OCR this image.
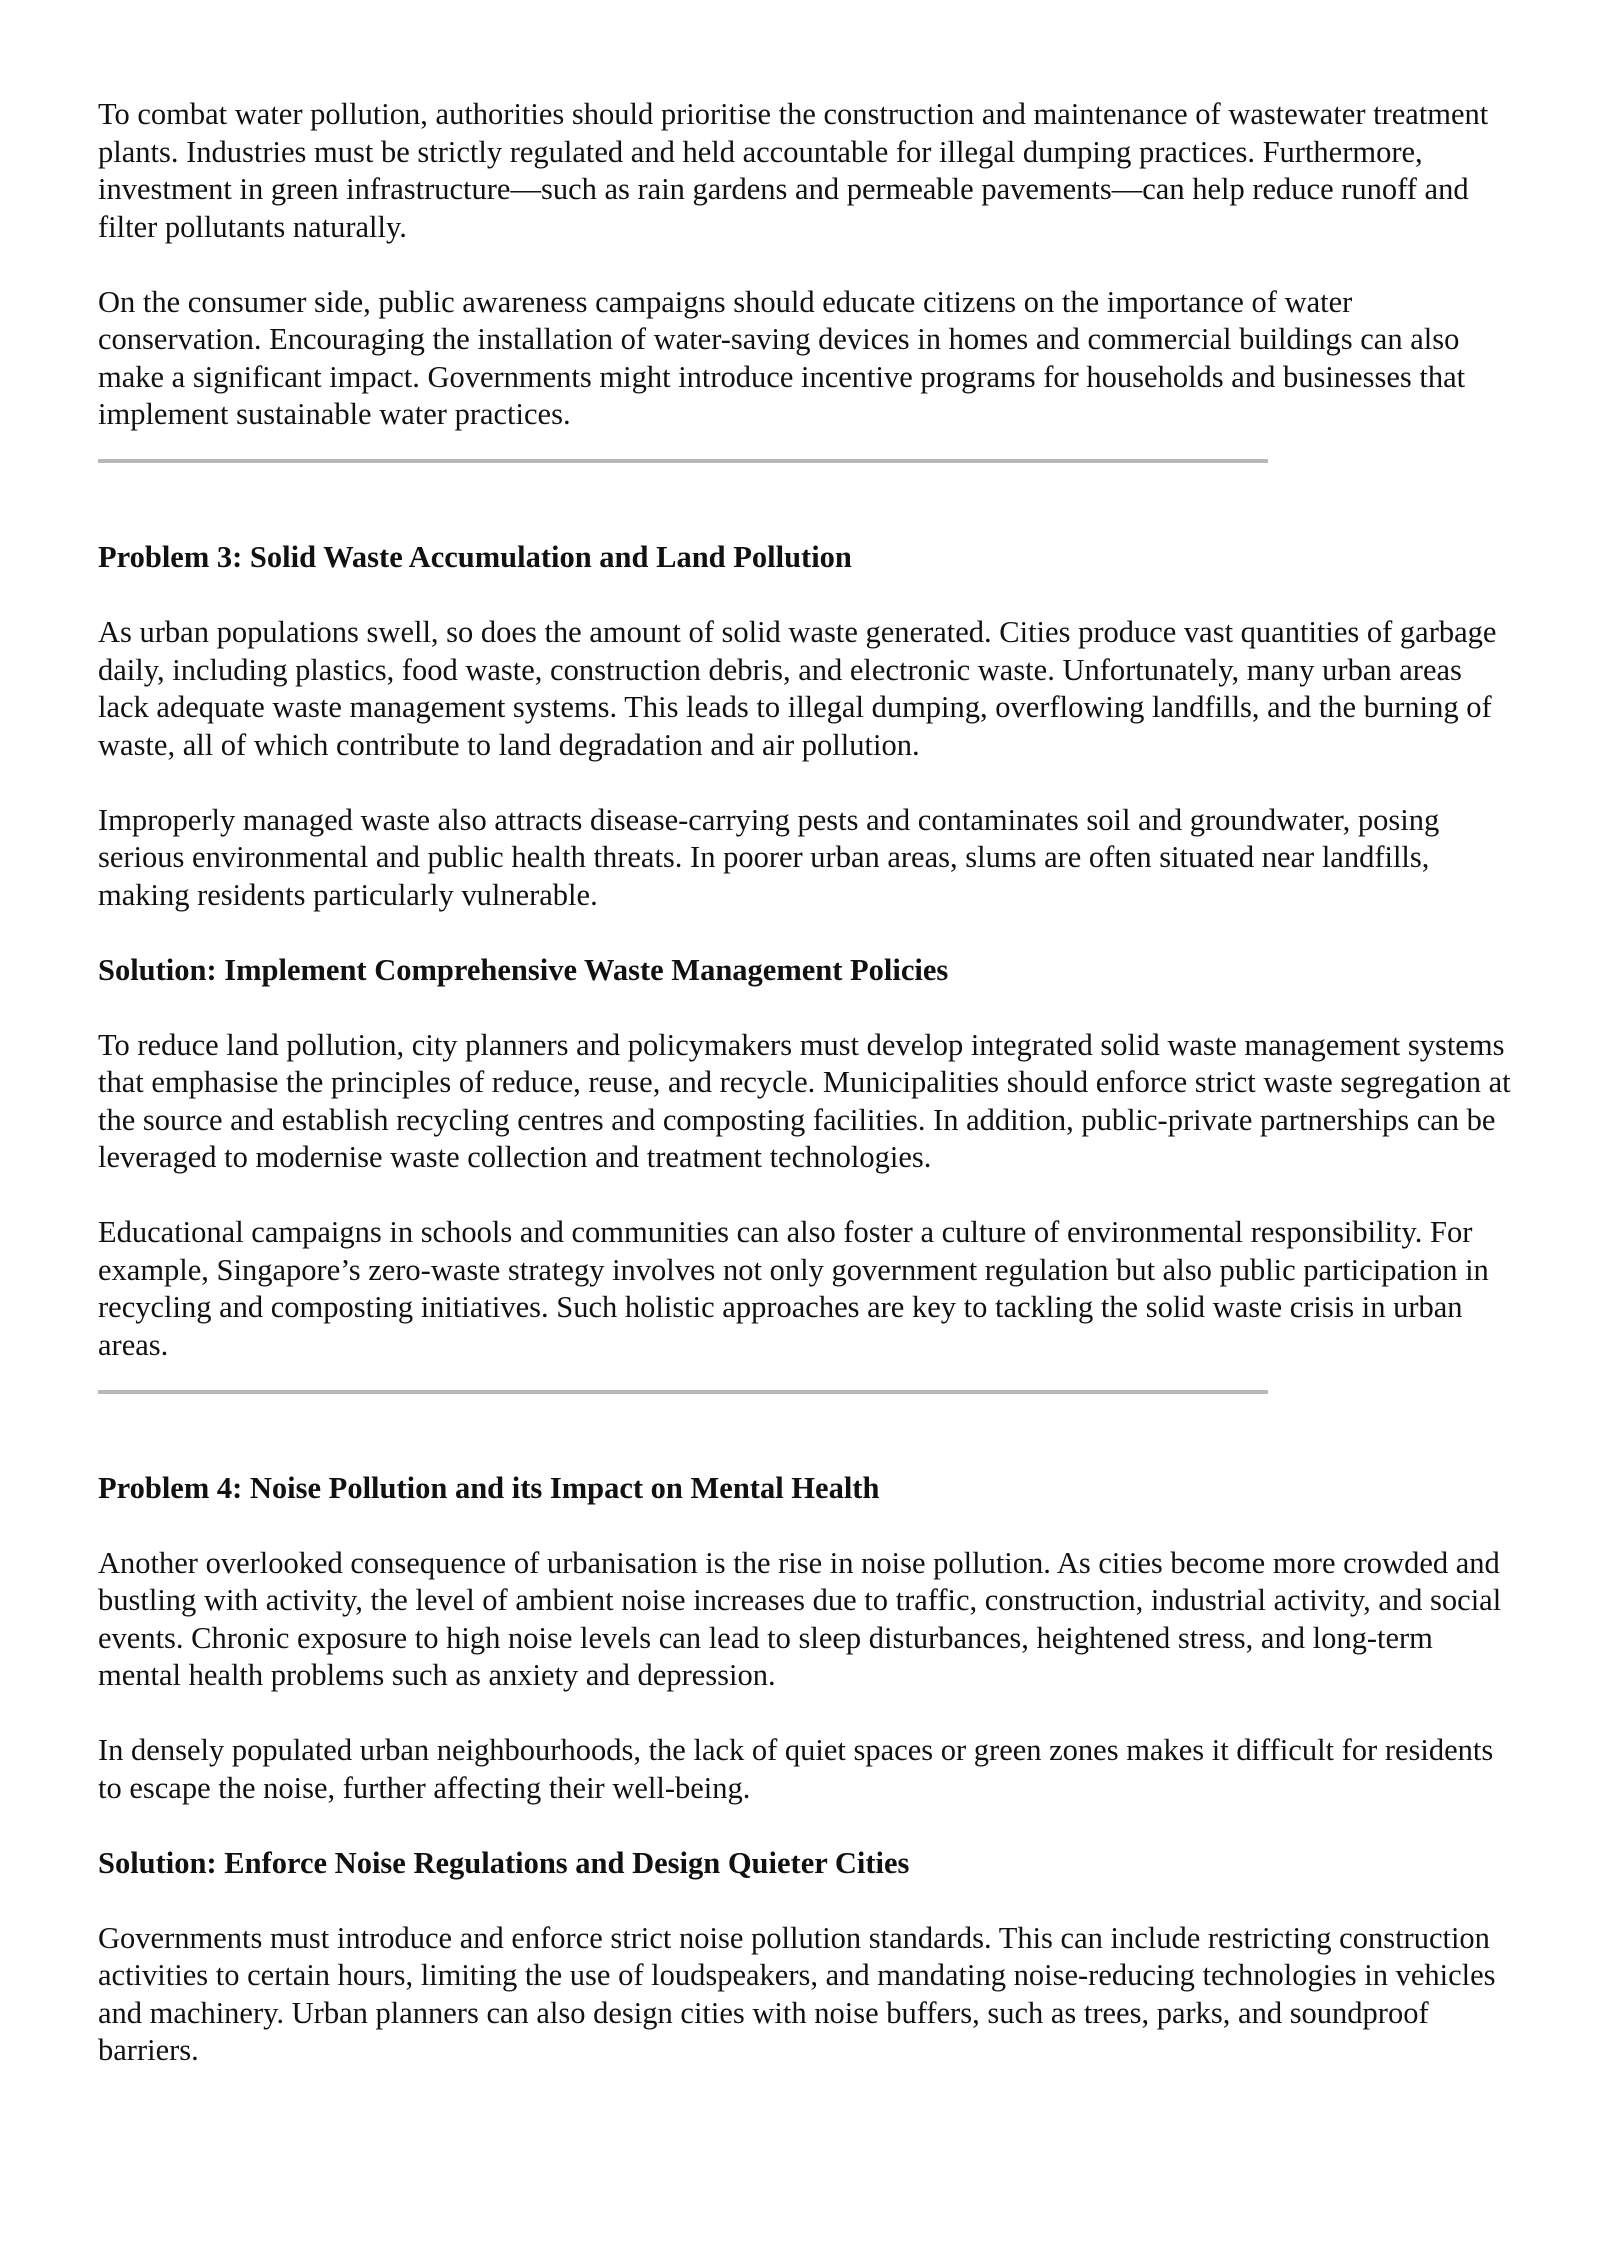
To combat water pollution, authorities should prioritise the construction and maintenance of wastewater treatment plants. Industries must be strictly regulated and held accountable for illegal dumping practices. Furthermore, investment in green infrastructure—such as rain gardens and permeable pavements—can help reduce runoff and filter pollutants naturally.

On the consumer side, public awareness campaigns should educate citizens on the importance of water conservation. Encouraging the installation of water-saving devices in homes and commercial buildings can also make a significant impact. Governments might introduce incentive programs for households and businesses that implement sustainable water practices.

Problem 3: Solid Waste Accumulation and Land Pollution

As urban populations swell, so does the amount of solid waste generated. Cities produce vast quantities of garbage daily, including plastics, food waste, construction debris, and electronic waste. Unfortunately, many urban areas lack adequate waste management systems. This leads to illegal dumping, overflowing landfills, and the burning of waste, all of which contribute to land degradation and air pollution.

Improperly managed waste also attracts disease-carrying pests and contaminates soil and groundwater, posing serious environmental and public health threats. In poorer urban areas, slums are often situated near landfills, making residents particularly vulnerable.

Solution: Implement Comprehensive Waste Management Policies

To reduce land pollution, city planners and policymakers must develop integrated solid waste management systems that emphasise the principles of reduce, reuse, and recycle. Municipalities should enforce strict waste segregation at the source and establish recycling centres and composting facilities. In addition, public-private partnerships can be leveraged to modernise waste collection and treatment technologies.

Educational campaigns in schools and communities can also foster a culture of environmental responsibility. For example, Singapore’s zero-waste strategy involves not only government regulation but also public participation in recycling and composting initiatives. Such holistic approaches are key to tackling the solid waste crisis in urban areas.

Problem 4: Noise Pollution and its Impact on Mental Health

Another overlooked consequence of urbanisation is the rise in noise pollution. As cities become more crowded and bustling with activity, the level of ambient noise increases due to traffic, construction, industrial activity, and social events. Chronic exposure to high noise levels can lead to sleep disturbances, heightened stress, and long-term mental health problems such as anxiety and depression.

In densely populated urban neighbourhoods, the lack of quiet spaces or green zones makes it difficult for residents to escape the noise, further affecting their well-being.

Solution: Enforce Noise Regulations and Design Quieter Cities

Governments must introduce and enforce strict noise pollution standards. This can include restricting construction activities to certain hours, limiting the use of loudspeakers, and mandating noise-reducing technologies in vehicles and machinery. Urban planners can also design cities with noise buffers, such as trees, parks, and soundproof barriers.
